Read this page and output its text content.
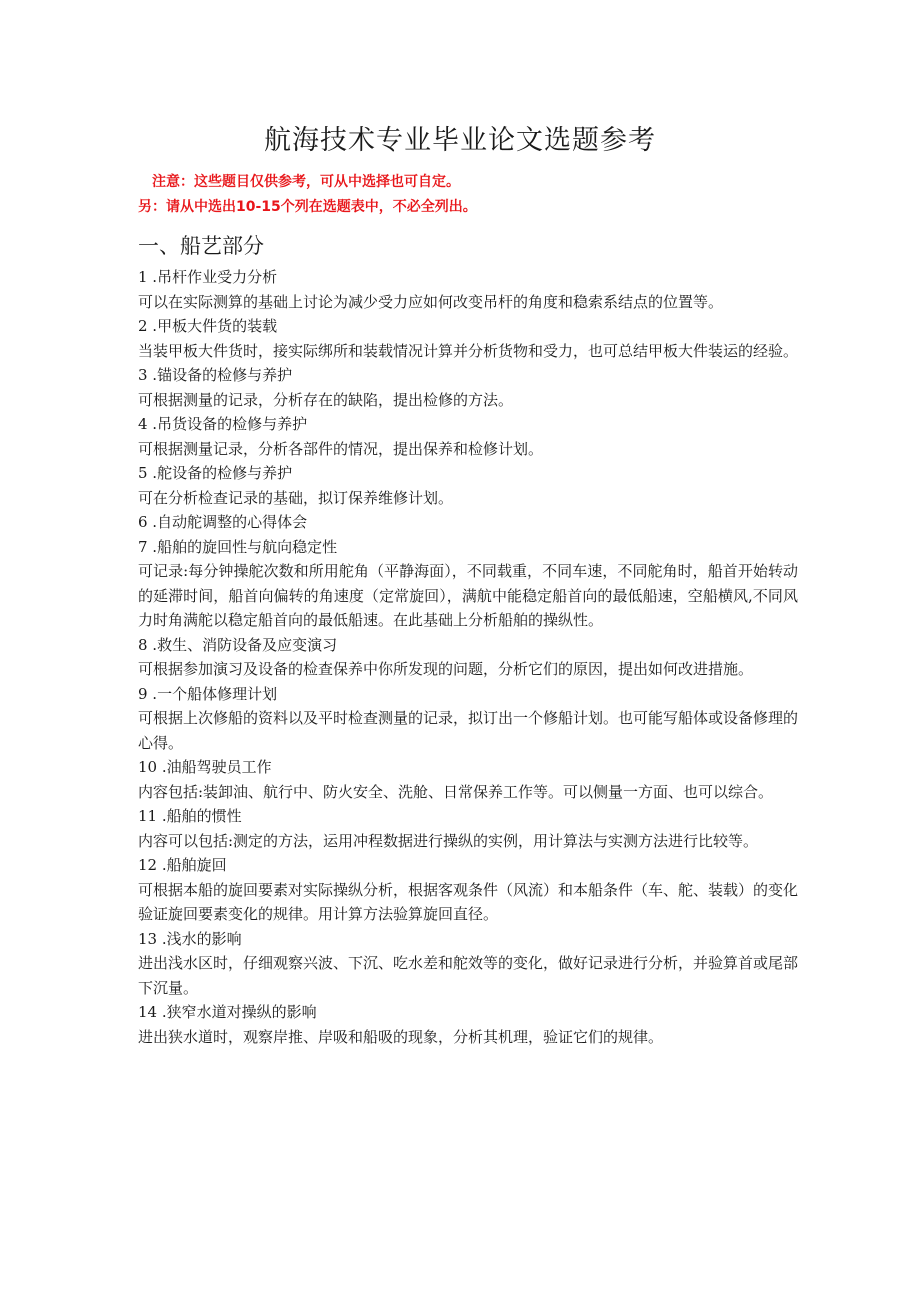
航海技术专业毕业论文选题参考

注意：这些题目仅供参考，可从中选择也可自定。

另：请从中选出10-15个列在选题表中，不必全列出。

一、船艺部分

1 .吊杆作业受力分析

可以在实际测算的基础上讨论为减少受力应如何改变吊杆的角度和稳索系结点的位置等。

2 .甲板大件货的装载

当装甲板大件货时，接实际绑所和装载情况计算并分析货物和受力，也可总结甲板大件装运的经验。

3 .锚设备的检修与养护

可根据测量的记录，分析存在的缺陷，提出检修的方法。

4 .吊货设备的检修与养护

可根据测量记录，分析各部件的情况，提出保养和检修计划。

5 .舵设备的检修与养护

可在分析检查记录的基础，拟订保养维修计划。

6 .自动舵调整的心得体会

7 .船舶的旋回性与航向稳定性

可记录:每分钟操舵次数和所用舵角（平静海面），不同载重，不同车速，不同舵角时，船首开始转动的延滞时间，船首向偏转的角速度（定常旋回），满航中能稳定船首向的最低船速，空船横风,不同风力时角满舵以稳定船首向的最低船速。在此基础上分析船舶的操纵性。

8 .救生、消防设备及应变演习

可根据参加演习及设备的检查保养中你所发现的问题，分析它们的原因，提出如何改进措施。

9 .一个船体修理计划

可根据上次修船的资料以及平时检查测量的记录，拟订出一个修船计划。也可能写船体或设备修理的心得。

10 .油船驾驶员工作

内容包括:装卸油、航行中、防火安全、洗舱、日常保养工作等。可以侧量一方面、也可以综合。

11 .船舶的惯性

内容可以包括:测定的方法，运用冲程数据进行操纵的实例，用计算法与实测方法进行比较等。

12 .船舶旋回

可根据本船的旋回要素对实际操纵分析，根据客观条件（风流）和本船条件（车、舵、装载）的变化验证旋回要素变化的规律。用计算方法验算旋回直径。

13 .浅水的影响

进出浅水区时，仔细观察兴波、下沉、吃水差和舵效等的变化，做好记录进行分析，并验算首或尾部下沉量。

14 .狭窄水道对操纵的影响

进出狭水道时，观察岸推、岸吸和船吸的现象，分析其机理，验证它们的规律。
